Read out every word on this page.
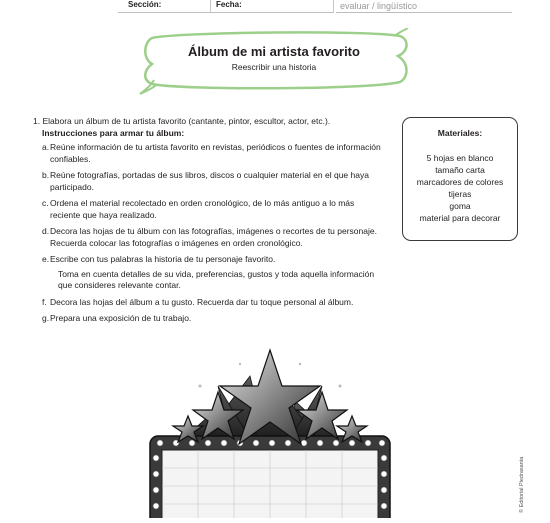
Sección:	Fecha:	evaluar / lingüístico
Álbum de mi artista favorito
Reescribir una historia

1. Elabora un álbum de tu artista favorito (cantante, pintor, escultor, actor, etc.).

Instrucciones para armar tu álbum:

a. Reúne información de tu artista favorito en revistas, periódicos o fuentes de información confiables.
b. Reúne fotografías, portadas de sus libros, discos o cualquier material en el que haya participado.
c. Ordena el material recolectado en orden cronológico, de lo más antiguo a lo más reciente que haya realizado.
d. Decora las hojas de tu álbum con las fotografías, imágenes o recortes de tu personaje. Recuerda colocar las fotografías o imágenes en orden cronológico.
e. Escribe con tus palabras la historia de tu personaje favorito.
Toma en cuenta detalles de su vida, preferencias, gustos y toda aquella información que consideres relevante contar.
f. Decora las hojas del álbum a tu gusto. Recuerda dar tu toque personal al álbum.
g. Prepara una exposición de tu trabajo.
Materiales:
5 hojas en blanco
tamaño carta
marcadores de colores
tijeras
goma
material para decorar
© Editorial Piedrasanta
